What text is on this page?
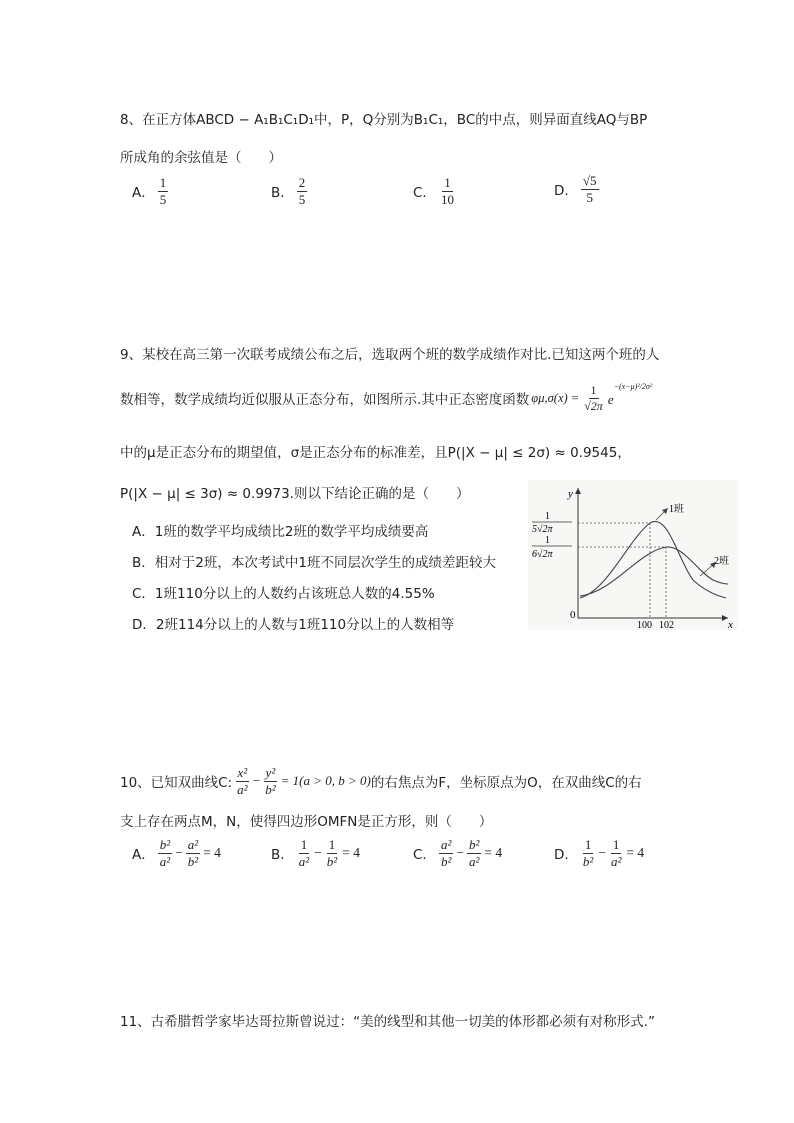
8、在正方体ABCD − A₁B₁C₁D₁中，P，Q分别为B₁C₁，BC的中点，则异面直线AQ与BP
所成角的余弦值是（　　）
A． $\frac{1}{5}$	B． $\frac{2}{5}$	C． $\frac{1}{10}$	D． $\frac{√5}{5}$
9、某校在高三第一次联考成绩公布之后，选取两个班的数学成绩作对比.已知这两个班的人
数相等，数学成绩均近似服从正态分布，如图所示.其中正态密度函数 $\varphi\mu,\sigma(x) = \frac{1}{√2\pi} e^{-(x-\mu)^2/2\sigma^2}$
中的μ是正态分布的期望值，σ是正态分布的标准差，且P(|X − μ| ≤ 2σ) ≈ 0.9545，
P(|X − μ| ≤ 3σ) ≈ 0.9973.则以下结论正确的是（　　）
A．1班的数学平均成绩比2班的数学平均成绩要高
B．相对于2班，本次考试中1班不同层次学生的成绩差距较大
C．1班110分以上的人数约占该班总人数的4.55%
D．2班114分以上的人数与1班110分以上的人数相等
y
x
0
1
5√2π
1
6√2π
100 102
1班
2班
10、已知双曲线C: $\frac{\text{x²}}{\text{a²}} - \frac{\text{y²}}{\text{b²}} = 1(a > 0$, b > 0) 的右焦点为F，坐标原点为O，在双曲线C的右
支上存在两点M，N，使得四边形OMFN是正方形，则（　　）
A． $\frac{\text{b²}}{\text{a²}} - \frac{\text{a²}}{\text{b²}} = 4$	B． $\frac{1}{\text{a²}} - \frac{1}{\text{b²}} = 4$	C． $\frac{\text{a²}}{\text{b²}} - \frac{\text{b²}}{\text{a²}} = 4$	D． $\frac{1}{\text{b²}} - \frac{1}{\text{a²}} = 4$
11、古希腊哲学家毕达哥拉斯曾说过：“美的线型和其他一切美的体形都必须有对称形式.”
